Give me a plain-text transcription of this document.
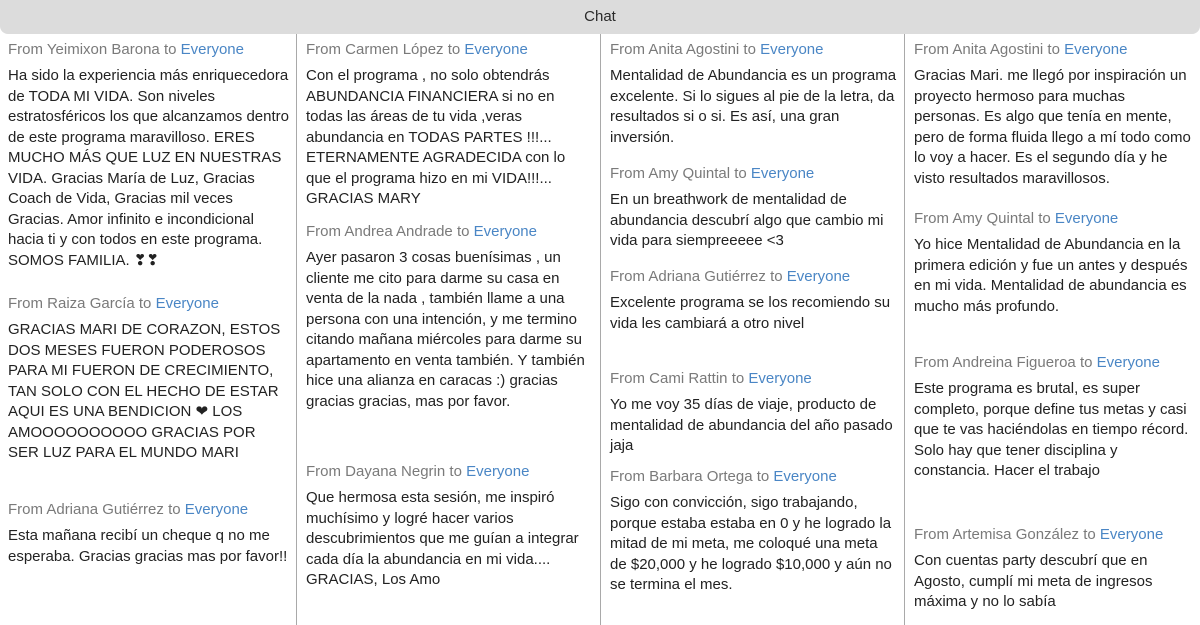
Chat
From Yeimixon Barona to Everyone
Ha sido la experiencia más enriquecedora de TODA MI VIDA. Son niveles estratosféricos los que alcanzamos dentro de este programa maravilloso. ERES MUCHO MÁS QUE LUZ EN NUESTRAS VIDA. Gracias María de Luz, Gracias Coach de Vida, Gracias mil veces Gracias. Amor infinito e incondicional hacia ti y con todos en este programa. SOMOS FAMILIA. ❣❣
From Raiza García to Everyone
GRACIAS MARI DE CORAZON, ESTOS DOS MESES FUERON PODEROSOS PARA MI FUERON DE CRECIMIENTO, TAN SOLO CON EL HECHO DE ESTAR AQUI ES UNA BENDICION ❤ LOS AMOOOOOOOOOO GRACIAS POR SER LUZ PARA EL MUNDO MARI
From Adriana Gutiérrez to Everyone
Esta mañana recibí un cheque q no me esperaba. Gracias gracias mas por favor!!
From Carmen López to Everyone
Con el programa , no solo obtendrás ABUNDANCIA FINANCIERA si no en todas las áreas de tu vida ,veras abundancia en TODAS PARTES !!!... ETERNAMENTE AGRADECIDA con lo que el programa hizo en mi VIDA!!!... GRACIAS MARY
From Andrea Andrade to Everyone
Ayer pasaron 3 cosas buenísimas , un cliente me cito para darme su casa en venta de la nada , también llame a una persona con una intención, y me termino citando mañana miércoles para darme su apartamento en venta también. Y también hice una alianza en caracas :) gracias gracias gracias, mas por favor.
From Dayana Negrin to Everyone
Que hermosa esta sesión, me inspiró muchísimo y logré hacer varios descubrimientos que me guían a integrar cada día la abundancia en mi vida.... GRACIAS, Los Amo
From Anita Agostini to Everyone
Mentalidad de Abundancia es un programa excelente. Si lo sigues al pie de la letra, da resultados si o si. Es así, una gran inversión.
From Amy Quintal to Everyone
En un breathwork de mentalidad de abundancia descubrí algo que cambio mi vida para siempreeeee <3
From Adriana Gutiérrez to Everyone
Excelente programa se los recomiendo su vida les cambiará a otro nivel
From Cami Rattin to Everyone
Yo me voy 35 días de viaje, producto de mentalidad de abundancia del año pasado jaja
From Barbara Ortega to Everyone
Sigo con convicción, sigo trabajando, porque estaba estaba en 0 y he logrado la mitad de mi meta, me coloqué una meta de $20,000 y he logrado $10,000 y aún no se termina el mes.
From Anita Agostini to Everyone
Gracias Mari. me llegó por inspiración un proyecto hermoso para muchas personas. Es algo que tenía en mente, pero de forma fluida llego a mí todo como lo voy a hacer. Es el segundo día y he visto resultados maravillosos.
From Amy Quintal to Everyone
Yo hice Mentalidad de Abundancia en la primera edición y fue un antes y después en mi vida. Mentalidad de abundancia es mucho más profundo.
From Andreina Figueroa to Everyone
Este programa es brutal, es super completo, porque define tus metas y casi que te vas haciéndolas en tiempo récord. Solo hay que tener disciplina y constancia. Hacer el trabajo
From Artemisa González to Everyone
Con cuentas party descubrí que en Agosto, cumplí mi meta de ingresos máxima y no lo sabía
